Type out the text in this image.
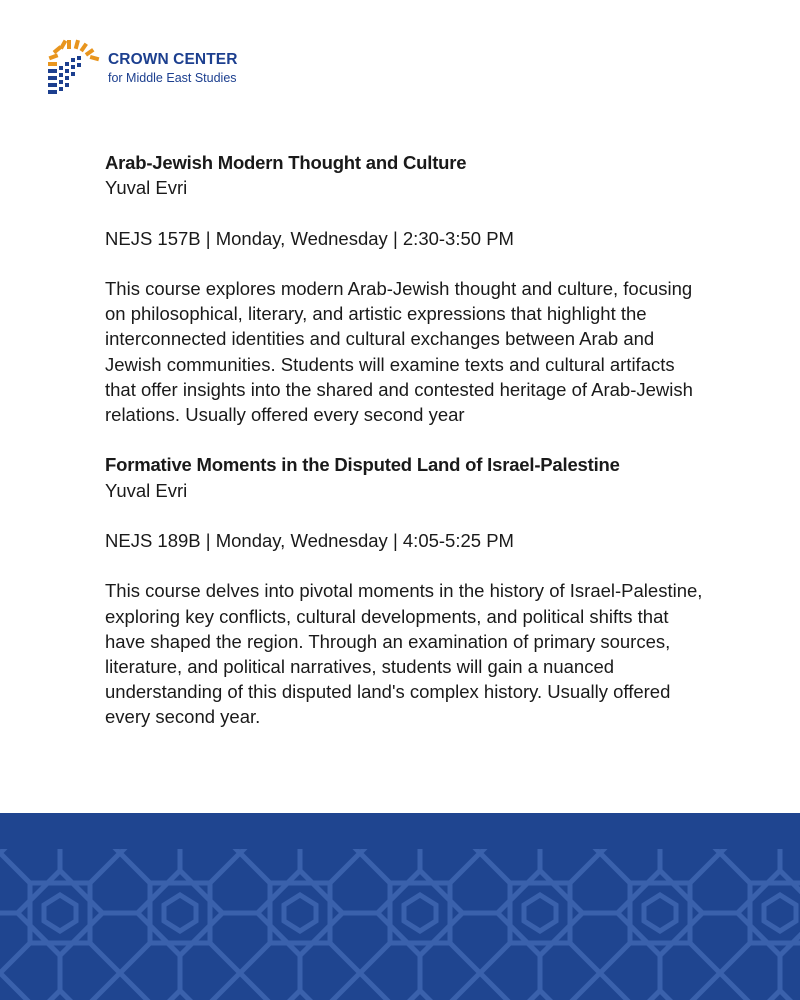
CROWN CENTER
for Middle East Studies
Arab-Jewish Modern Thought and Culture
Yuval Evri
NEJS 157B | Monday, Wednesday | 2:30-3:50 PM
This course explores modern Arab-Jewish thought and culture, focusing on philosophical, literary, and artistic expressions that highlight the interconnected identities and cultural exchanges between Arab and Jewish communities. Students will examine texts and cultural artifacts that offer insights into the shared and contested heritage of Arab-Jewish relations. Usually offered every second year
Formative Moments in the Disputed Land of Israel-Palestine
Yuval Evri
NEJS 189B | Monday, Wednesday | 4:05-5:25 PM
This course delves into pivotal moments in the history of Israel-Palestine, exploring key conflicts, cultural developments, and political shifts that have shaped the region. Through an examination of primary sources, literature, and political narratives, students will gain a nuanced understanding of this disputed land's complex history. Usually offered every second year.
